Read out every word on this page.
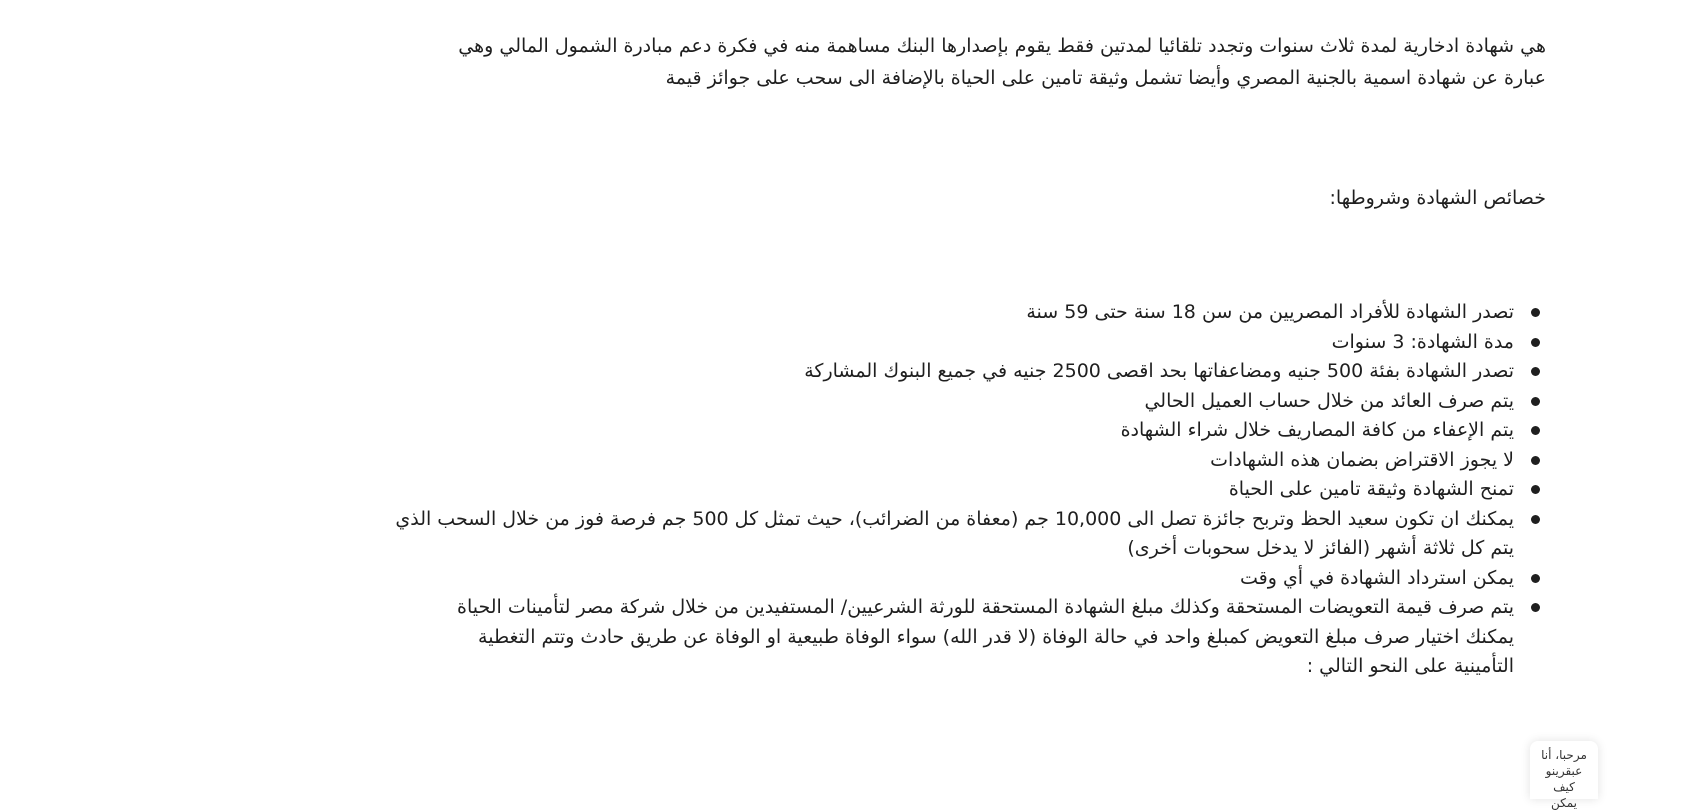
هي شهادة ادخارية لمدة ثلاث سنوات وتجدد تلقائيا لمدتين فقط يقوم بإصدارها البنك مساهمة منه في فكرة دعم مبادرة الشمول المالي وهي
عبارة عن شهادة اسمية بالجنية المصري وأيضا تشمل وثيقة تامين على الحياة بالإضافة الى سحب على جوائز قيمة

خصائص الشهادة وشروطها:

تصدر الشهادة للأفراد المصريين من سن 18 سنة حتى 59 سنة
مدة الشهادة: 3 سنوات
تصدر الشهادة بفئة 500 جنيه ومضاعفاتها بحد اقصى 2500 جنيه في جميع البنوك المشاركة
يتم صرف العائد من خلال حساب العميل الحالي
يتم الإعفاء من كافة المصاريف خلال شراء الشهادة
لا يجوز الاقتراض بضمان هذه الشهادات
تمنح الشهادة وثيقة تامين على الحياة
يمكنك ان تكون سعيد الحظ وتربح جائزة تصل الى 10,000 جم (معفاة من الضرائب)، حيث تمثل كل 500 جم فرصة فوز من خلال السحب الذي
يتم كل ثلاثة أشهر (الفائز لا يدخل سحوبات أخرى)
يمكن استرداد الشهادة في أي وقت
يتم صرف قيمة التعويضات المستحقة وكذلك مبلغ الشهادة المستحقة للورثة الشرعيين/ المستفيدين من خلال شركة مصر لتأمينات الحياة
يمكنك اختيار صرف مبلغ التعويض كمبلغ واحد في حالة الوفاة (لا قدر الله) سواء الوفاة طبيعية او الوفاة عن طريق حادث وتتم التغطية
التأمينية على النحو التالي :
مرحبا، أنا
عبقرينو كيف
يمكن
